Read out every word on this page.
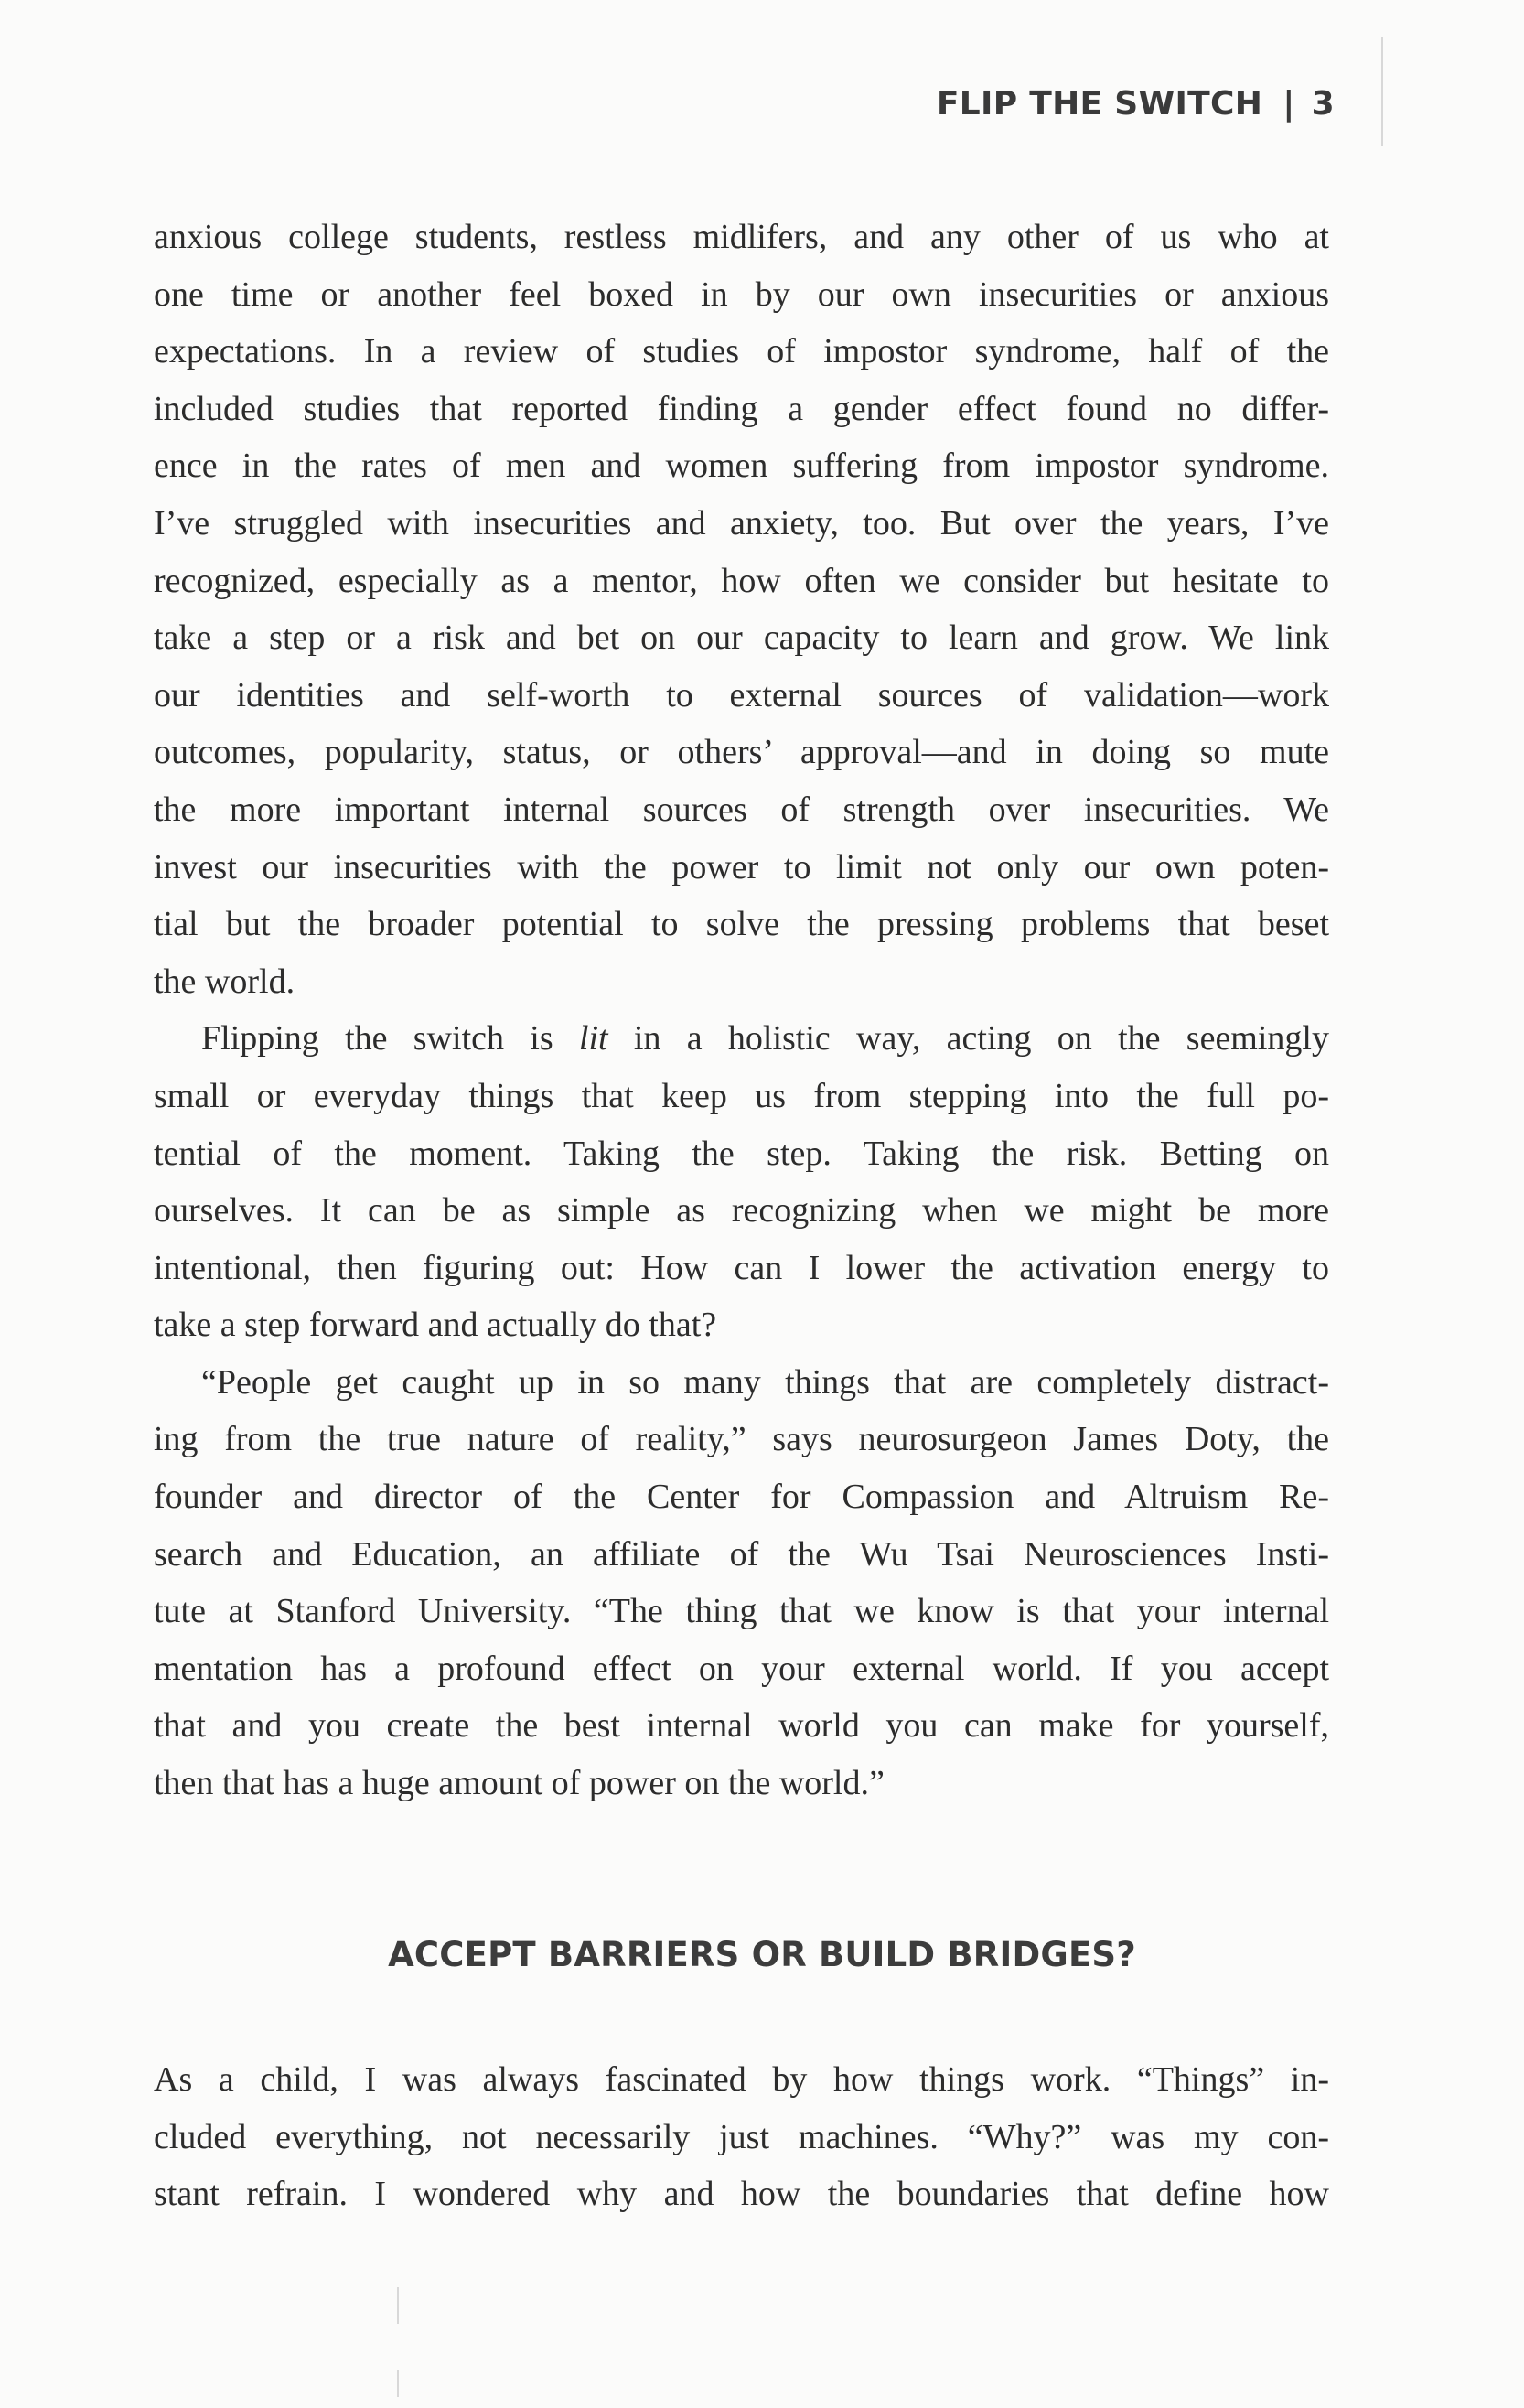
FLIP THE SWITCH | 3
anxious college students, restless midlifers, and any other of us who at
one time or another feel boxed in by our own insecurities or anxious
expectations. In a review of studies of impostor syndrome, half of the
included studies that reported finding a gender effect found no differ-
ence in the rates of men and women suffering from impostor syndrome.
I’ve struggled with insecurities and anxiety, too. But over the years, I’ve
recognized, especially as a mentor, how often we consider but hesitate to
take a step or a risk and bet on our capacity to learn and grow. We link
our identities and self-worth to external sources of validation—work
outcomes, popularity, status, or others’ approval—and in doing so mute
the more important internal sources of strength over insecurities. We
invest our insecurities with the power to limit not only our own poten-
tial but the broader potential to solve the pressing problems that beset
the world.
Flipping the switch is lit in a holistic way, acting on the seemingly
small or everyday things that keep us from stepping into the full po-
tential of the moment. Taking the step. Taking the risk. Betting on
ourselves. It can be as simple as recognizing when we might be more
intentional, then figuring out: How can I lower the activation energy to
take a step forward and actually do that?
“People get caught up in so many things that are completely distract-
ing from the true nature of reality,” says neurosurgeon James Doty, the
founder and director of the Center for Compassion and Altruism Re-
search and Education, an affiliate of the Wu Tsai Neurosciences Insti-
tute at Stanford University. “The thing that we know is that your internal
mentation has a profound effect on your external world. If you accept
that and you create the best internal world you can make for yourself,
then that has a huge amount of power on the world.”
ACCEPT BARRIERS OR BUILD BRIDGES?
As a child, I was always fascinated by how things work. “Things” in-
cluded everything, not necessarily just machines. “Why?” was my con-
stant refrain. I wondered why and how the boundaries that define how
